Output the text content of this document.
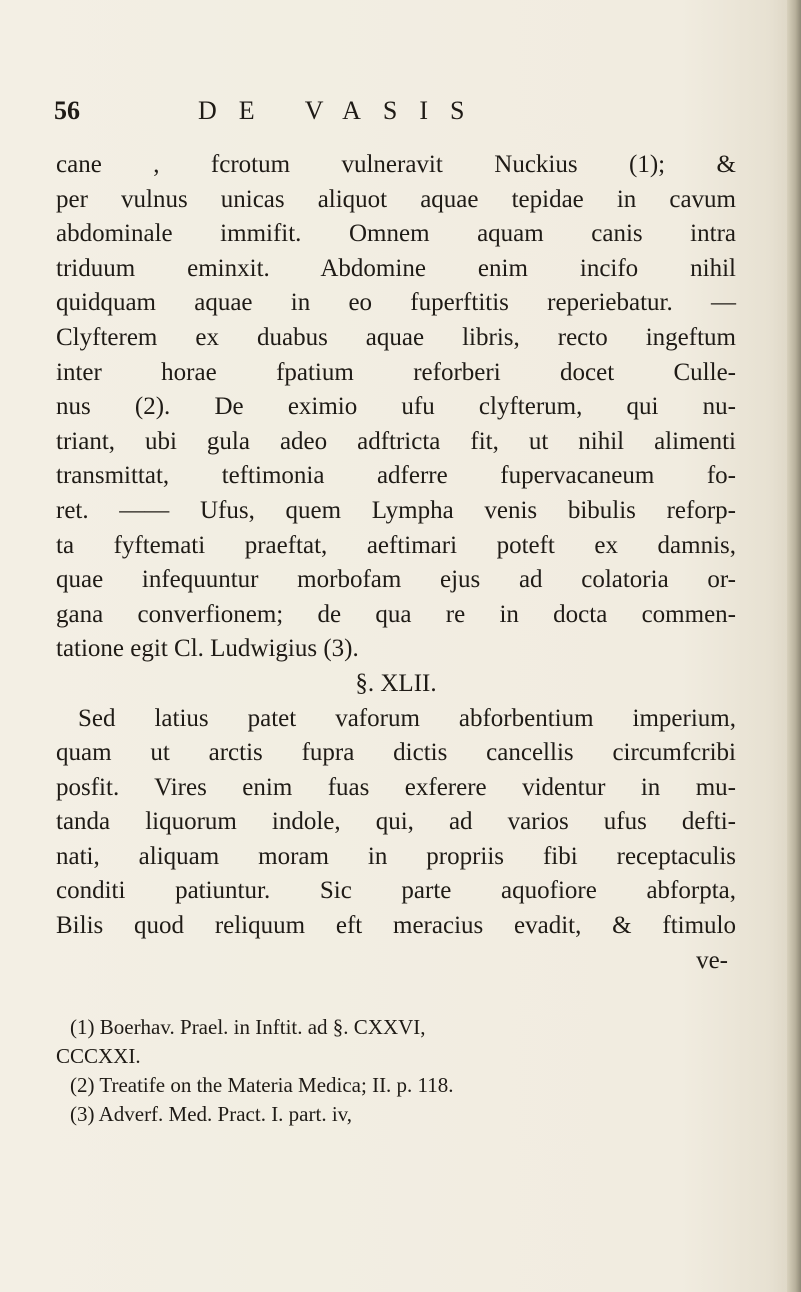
56	DE VASIS
cane , fcrotum vulneravit Nuckius (1); &
per vulnus unicas aliquot aquae tepidae in cavum
abdominale immifit. Omnem aquam canis intra
triduum eminxit. Abdomine enim incifo nihil
quidquam aquae in eo fuperftitis reperiebatur. —
Clyfterem ex duabus aquae libris, recto ingeftum
inter horae fpatium reforberi docet Culle-
nus (2). De eximio ufu clyfterum, qui nu-
triant, ubi gula adeo adftricta fit, ut nihil alimenti
transmittat, teftimonia adferre fupervacaneum fo-
ret. —— Ufus, quem Lympha venis bibulis reforp-
ta fyftemati praeftat, aeftimari poteft ex damnis,
quae infequuntur morbofam ejus ad colatoria or-
gana converfionem; de qua re in docta commen-
tatione egit Cl. Ludwigius (3).
§. XLII.
Sed latius patet vaforum abforbentium imperium,
quam ut arctis fupra dictis cancellis circumfcribi
posfit. Vires enim fuas exferere videntur in mu-
tanda liquorum indole, qui, ad varios ufus defti-
nati, aliquam moram in propriis fibi receptaculis
conditi patiuntur. Sic parte aquofiore abforpta,
Bilis quod reliquum eft meracius evadit, & ftimulo
ve-
(1) Boerhav. Prael. in Inftit. ad §. CXXVI,
CCCXXI.
(2) Treatife on the Materia Medica; II. p. 118.
(3) Adverf. Med. Pract. I. part. iv,
